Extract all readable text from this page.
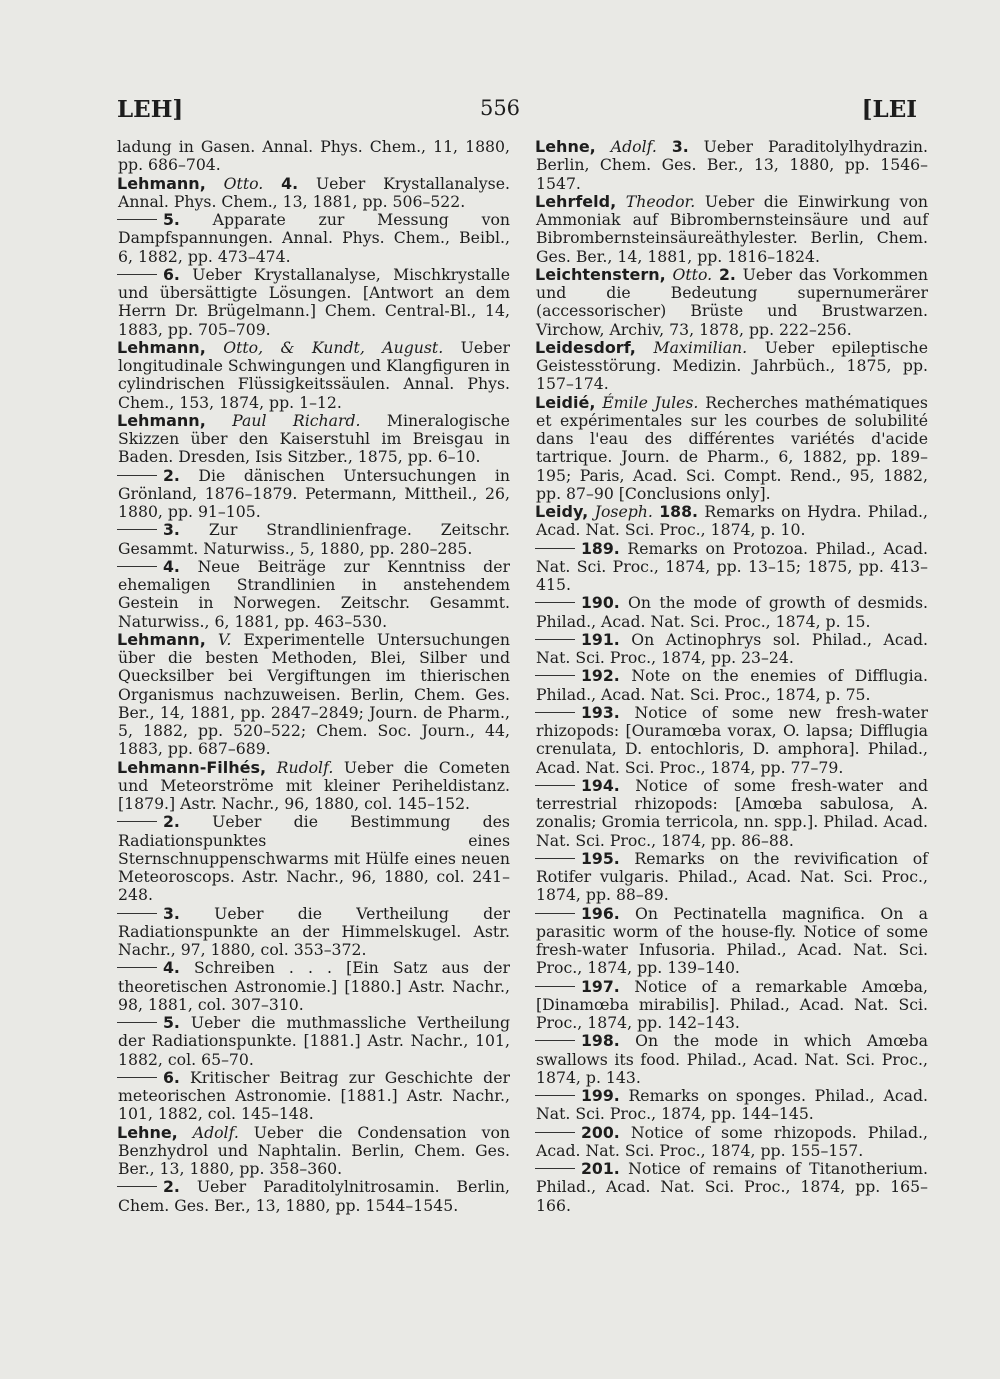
LEH]	556	[LEI

ladung in Gasen. Annal. Phys. Chem., 11, 1880, pp. 686–704.

Lehmann, Otto. 4. Ueber Krystallanalyse. Annal. Phys. Chem., 13, 1881, pp. 506–522.

5. Apparate zur Messung von Dampfspannungen. Annal. Phys. Chem., Beibl., 6, 1882, pp. 473–474.

6. Ueber Krystallanalyse, Mischkrystalle und übersättigte Lösungen. [Antwort an dem Herrn Dr. Brügelmann.] Chem. Central-Bl., 14, 1883, pp. 705–709.

Lehmann, Otto, & Kundt, August. Ueber longitudinale Schwingungen und Klangfiguren in cylindrischen Flüssigkeitssäulen. Annal. Phys. Chem., 153, 1874, pp. 1–12.

Lehmann, Paul Richard. Mineralogische Skizzen über den Kaiserstuhl im Breisgau in Baden. Dresden, Isis Sitzber., 1875, pp. 6–10.

2. Die dänischen Untersuchungen in Grönland, 1876–1879. Petermann, Mittheil., 26, 1880, pp. 91–105.

3. Zur Strandlinienfrage. Zeitschr. Gesammt. Naturwiss., 5, 1880, pp. 280–285.

4. Neue Beiträge zur Kenntniss der ehemaligen Strandlinien in anstehendem Gestein in Norwegen. Zeitschr. Gesammt. Naturwiss., 6, 1881, pp. 463–530.

Lehmann, V. Experimentelle Untersuchungen über die besten Methoden, Blei, Silber und Quecksilber bei Vergiftungen im thierischen Organismus nachzuweisen. Berlin, Chem. Ges. Ber., 14, 1881, pp. 2847–2849; Journ. de Pharm., 5, 1882, pp. 520–522; Chem. Soc. Journ., 44, 1883, pp. 687–689.

Lehmann-Filhés, Rudolf. Ueber die Cometen und Meteorströme mit kleiner Periheldistanz. [1879.] Astr. Nachr., 96, 1880, col. 145–152.

2. Ueber die Bestimmung des Radiationspunktes eines Sternschnuppenschwarms mit Hülfe eines neuen Meteoroscops. Astr. Nachr., 96, 1880, col. 241–248.

3. Ueber die Vertheilung der Radiationspunkte an der Himmelskugel. Astr. Nachr., 97, 1880, col. 353–372.

4. Schreiben . . . [Ein Satz aus der theoretischen Astronomie.] [1880.] Astr. Nachr., 98, 1881, col. 307–310.

5. Ueber die muthmassliche Vertheilung der Radiationspunkte. [1881.] Astr. Nachr., 101, 1882, col. 65–70.

6. Kritischer Beitrag zur Geschichte der meteorischen Astronomie. [1881.] Astr. Nachr., 101, 1882, col. 145–148.

Lehne, Adolf. Ueber die Condensation von Benzhydrol und Naphtalin. Berlin, Chem. Ges. Ber., 13, 1880, pp. 358–360.

2. Ueber Paraditolylnitrosamin. Berlin, Chem. Ges. Ber., 13, 1880, pp. 1544–1545.

Lehne, Adolf. 3. Ueber Paraditolylhydrazin. Berlin, Chem. Ges. Ber., 13, 1880, pp. 1546–1547.

Lehrfeld, Theodor. Ueber die Einwirkung von Ammoniak auf Bibrombernsteinsäure und auf Bibrombernsteinsäureäthylester. Berlin, Chem. Ges. Ber., 14, 1881, pp. 1816–1824.

Leichtenstern, Otto. 2. Ueber das Vorkommen und die Bedeutung supernumerärer (accessorischer) Brüste und Brustwarzen. Virchow, Archiv, 73, 1878, pp. 222–256.

Leidesdorf, Maximilian. Ueber epileptische Geistesstörung. Medizin. Jahrbüch., 1875, pp. 157–174.

Leidié, Émile Jules. Recherches mathématiques et expérimentales sur les courbes de solubilité dans l'eau des différentes variétés d'acide tartrique. Journ. de Pharm., 6, 1882, pp. 189–195; Paris, Acad. Sci. Compt. Rend., 95, 1882, pp. 87–90 [Conclusions only].

Leidy, Joseph. 188. Remarks on Hydra. Philad., Acad. Nat. Sci. Proc., 1874, p. 10.

189. Remarks on Protozoa. Philad., Acad. Nat. Sci. Proc., 1874, pp. 13–15; 1875, pp. 413–415.

190. On the mode of growth of desmids. Philad., Acad. Nat. Sci. Proc., 1874, p. 15.

191. On Actinophrys sol. Philad., Acad. Nat. Sci. Proc., 1874, pp. 23–24.

192. Note on the enemies of Difflugia. Philad., Acad. Nat. Sci. Proc., 1874, p. 75.

193. Notice of some new fresh-water rhizopods: [Ouramœba vorax, O. lapsa; Difflugia crenulata, D. entochloris, D. amphora]. Philad., Acad. Nat. Sci. Proc., 1874, pp. 77–79.

194. Notice of some fresh-water and terrestrial rhizopods: [Amœba sabulosa, A. zonalis; Gromia terricola, nn. spp.]. Philad. Acad. Nat. Sci. Proc., 1874, pp. 86–88.

195. Remarks on the revivification of Rotifer vulgaris. Philad., Acad. Nat. Sci. Proc., 1874, pp. 88–89.

196. On Pectinatella magnifica. On a parasitic worm of the house-fly. Notice of some fresh-water Infusoria. Philad., Acad. Nat. Sci. Proc., 1874, pp. 139–140.

197. Notice of a remarkable Amœba, [Dinamœba mirabilis]. Philad., Acad. Nat. Sci. Proc., 1874, pp. 142–143.

198. On the mode in which Amœba swallows its food. Philad., Acad. Nat. Sci. Proc., 1874, p. 143.

199. Remarks on sponges. Philad., Acad. Nat. Sci. Proc., 1874, pp. 144–145.

200. Notice of some rhizopods. Philad., Acad. Nat. Sci. Proc., 1874, pp. 155–157.

201. Notice of remains of Titanotherium. Philad., Acad. Nat. Sci. Proc., 1874, pp. 165–166.
